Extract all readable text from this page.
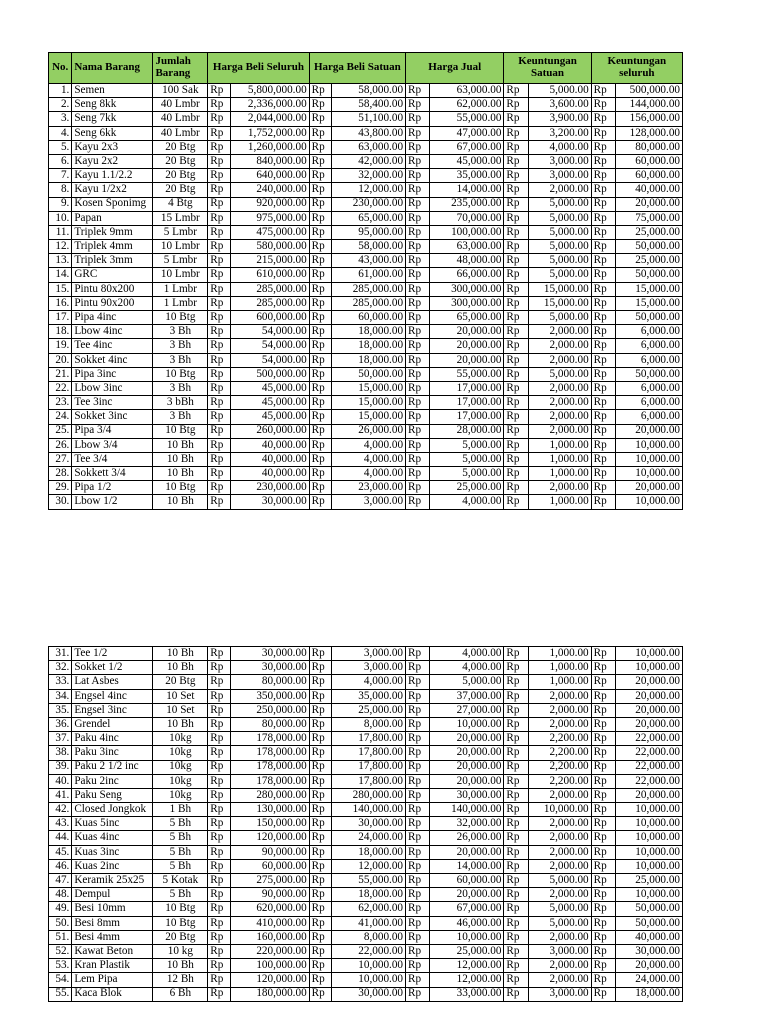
No.	Nama Barang	Jumlah Barang	Harga Beli Seluruh		Harga Beli Satuan		Harga Jual		Keuntungan Satuan		Keuntungan seluruh	
1.	Semen	100 Sak	Rp	5,800,000.00	Rp	58,000.00	Rp	63,000.00	Rp	5,000.00	Rp	500,000.00
2.	Seng 8kk	40 Lmbr	Rp	2,336,000.00	Rp	58,400.00	Rp	62,000.00	Rp	3,600.00	Rp	144,000.00
3.	Seng 7kk	40 Lmbr	Rp	2,044,000.00	Rp	51,100.00	Rp	55,000.00	Rp	3,900.00	Rp	156,000.00
4.	Seng 6kk	40 Lmbr	Rp	1,752,000.00	Rp	43,800.00	Rp	47,000.00	Rp	3,200.00	Rp	128,000.00
5.	Kayu 2x3	20 Btg	Rp	1,260,000.00	Rp	63,000.00	Rp	67,000.00	Rp	4,000.00	Rp	80,000.00
6.	Kayu 2x2	20 Btg	Rp	840,000.00	Rp	42,000.00	Rp	45,000.00	Rp	3,000.00	Rp	60,000.00
7.	Kayu 1.1/2.2	20 Btg	Rp	640,000.00	Rp	32,000.00	Rp	35,000.00	Rp	3,000.00	Rp	60,000.00
8.	Kayu 1/2x2	20 Btg	Rp	240,000.00	Rp	12,000.00	Rp	14,000.00	Rp	2,000.00	Rp	40,000.00
9.	Kosen Sponimg	4 Btg	Rp	920,000.00	Rp	230,000.00	Rp	235,000.00	Rp	5,000.00	Rp	20,000.00
10.	Papan	15 Lmbr	Rp	975,000.00	Rp	65,000.00	Rp	70,000.00	Rp	5,000.00	Rp	75,000.00
11.	Triplek 9mm	5 Lmbr	Rp	475,000.00	Rp	95,000.00	Rp	100,000.00	Rp	5,000.00	Rp	25,000.00
12.	Triplek 4mm	10 Lmbr	Rp	580,000.00	Rp	58,000.00	Rp	63,000.00	Rp	5,000.00	Rp	50,000.00
13.	Triplek 3mm	5 Lmbr	Rp	215,000.00	Rp	43,000.00	Rp	48,000.00	Rp	5,000.00	Rp	25,000.00
14.	GRC	10 Lmbr	Rp	610,000.00	Rp	61,000.00	Rp	66,000.00	Rp	5,000.00	Rp	50,000.00
15.	Pintu 80x200	1 Lmbr	Rp	285,000.00	Rp	285,000.00	Rp	300,000.00	Rp	15,000.00	Rp	15,000.00
16.	Pintu 90x200	1 Lmbr	Rp	285,000.00	Rp	285,000.00	Rp	300,000.00	Rp	15,000.00	Rp	15,000.00
17.	Pipa 4inc	10 Btg	Rp	600,000.00	Rp	60,000.00	Rp	65,000.00	Rp	5,000.00	Rp	50,000.00
18.	Lbow 4inc	3 Bh	Rp	54,000.00	Rp	18,000.00	Rp	20,000.00	Rp	2,000.00	Rp	6,000.00
19.	Tee 4inc	3 Bh	Rp	54,000.00	Rp	18,000.00	Rp	20,000.00	Rp	2,000.00	Rp	6,000.00
20.	Sokket 4inc	3 Bh	Rp	54,000.00	Rp	18,000.00	Rp	20,000.00	Rp	2,000.00	Rp	6,000.00
21.	Pipa 3inc	10 Btg	Rp	500,000.00	Rp	50,000.00	Rp	55,000.00	Rp	5,000.00	Rp	50,000.00
22.	Lbow 3inc	3 Bh	Rp	45,000.00	Rp	15,000.00	Rp	17,000.00	Rp	2,000.00	Rp	6,000.00
23.	Tee 3inc	3 bBh	Rp	45,000.00	Rp	15,000.00	Rp	17,000.00	Rp	2,000.00	Rp	6,000.00
24.	Sokket 3inc	3 Bh	Rp	45,000.00	Rp	15,000.00	Rp	17,000.00	Rp	2,000.00	Rp	6,000.00
25.	Pipa 3/4	10 Btg	Rp	260,000.00	Rp	26,000.00	Rp	28,000.00	Rp	2,000.00	Rp	20,000.00
26.	Lbow 3/4	10 Bh	Rp	40,000.00	Rp	4,000.00	Rp	5,000.00	Rp	1,000.00	Rp	10,000.00
27.	Tee 3/4	10 Bh	Rp	40,000.00	Rp	4,000.00	Rp	5,000.00	Rp	1,000.00	Rp	10,000.00
28.	Sokkett 3/4	10 Bh	Rp	40,000.00	Rp	4,000.00	Rp	5,000.00	Rp	1,000.00	Rp	10,000.00
29.	Pipa 1/2	10 Btg	Rp	230,000.00	Rp	23,000.00	Rp	25,000.00	Rp	2,000.00	Rp	20,000.00
30.	Lbow 1/2	10 Bh	Rp	30,000.00	Rp	3,000.00	Rp	4,000.00	Rp	1,000.00	Rp	10,000.00
31.	Tee 1/2	10 Bh	Rp	30,000.00	Rp	3,000.00	Rp	4,000.00	Rp	1,000.00	Rp	10,000.00
32.	Sokket 1/2	10 Bh	Rp	30,000.00	Rp	3,000.00	Rp	4,000.00	Rp	1,000.00	Rp	10,000.00
33.	Lat Asbes	20 Btg	Rp	80,000.00	Rp	4,000.00	Rp	5,000.00	Rp	1,000.00	Rp	20,000.00
34.	Engsel 4inc	10 Set	Rp	350,000.00	Rp	35,000.00	Rp	37,000.00	Rp	2,000.00	Rp	20,000.00
35.	Engsel 3inc	10 Set	Rp	250,000.00	Rp	25,000.00	Rp	27,000.00	Rp	2,000.00	Rp	20,000.00
36.	Grendel	10 Bh	Rp	80,000.00	Rp	8,000.00	Rp	10,000.00	Rp	2,000.00	Rp	20,000.00
37.	Paku 4inc	10kg	Rp	178,000.00	Rp	17,800.00	Rp	20,000.00	Rp	2,200.00	Rp	22,000.00
38.	Paku 3inc	10kg	Rp	178,000.00	Rp	17,800.00	Rp	20,000.00	Rp	2,200.00	Rp	22,000.00
39.	Paku 2 1/2 inc	10kg	Rp	178,000.00	Rp	17,800.00	Rp	20,000.00	Rp	2,200.00	Rp	22,000.00
40.	Paku 2inc	10kg	Rp	178,000.00	Rp	17,800.00	Rp	20,000.00	Rp	2,200.00	Rp	22,000.00
41.	Paku Seng	10kg	Rp	280,000.00	Rp	280,000.00	Rp	30,000.00	Rp	2,000.00	Rp	20,000.00
42.	Closed Jongkok	1 Bh	Rp	130,000.00	Rp	140,000.00	Rp	140,000.00	Rp	10,000.00	Rp	10,000.00
43.	Kuas 5inc	5 Bh	Rp	150,000.00	Rp	30,000.00	Rp	32,000.00	Rp	2,000.00	Rp	10,000.00
44.	Kuas 4inc	5 Bh	Rp	120,000.00	Rp	24,000.00	Rp	26,000.00	Rp	2,000.00	Rp	10,000.00
45.	Kuas 3inc	5 Bh	Rp	90,000.00	Rp	18,000.00	Rp	20,000.00	Rp	2,000.00	Rp	10,000.00
46.	Kuas 2inc	5 Bh	Rp	60,000.00	Rp	12,000.00	Rp	14,000.00	Rp	2,000.00	Rp	10,000.00
47.	Keramik 25x25	5 Kotak	Rp	275,000.00	Rp	55,000.00	Rp	60,000.00	Rp	5,000.00	Rp	25,000.00
48.	Dempul	5 Bh	Rp	90,000.00	Rp	18,000.00	Rp	20,000.00	Rp	2,000.00	Rp	10,000.00
49.	Besi 10mm	10 Btg	Rp	620,000.00	Rp	62,000.00	Rp	67,000.00	Rp	5,000.00	Rp	50,000.00
50.	Besi 8mm	10 Btg	Rp	410,000.00	Rp	41,000.00	Rp	46,000.00	Rp	5,000.00	Rp	50,000.00
51.	Besi 4mm	20 Btg	Rp	160,000.00	Rp	8,000.00	Rp	10,000.00	Rp	2,000.00	Rp	40,000.00
52.	Kawat Beton	10 kg	Rp	220,000.00	Rp	22,000.00	Rp	25,000.00	Rp	3,000.00	Rp	30,000.00
53.	Kran Plastik	10 Bh	Rp	100,000.00	Rp	10,000.00	Rp	12,000.00	Rp	2,000.00	Rp	20,000.00
54.	Lem Pipa	12 Bh	Rp	120,000.00	Rp	10,000.00	Rp	12,000.00	Rp	2,000.00	Rp	24,000.00
55.	Kaca Blok	6 Bh	Rp	180,000.00	Rp	30,000.00	Rp	33,000.00	Rp	3,000.00	Rp	18,000.00
